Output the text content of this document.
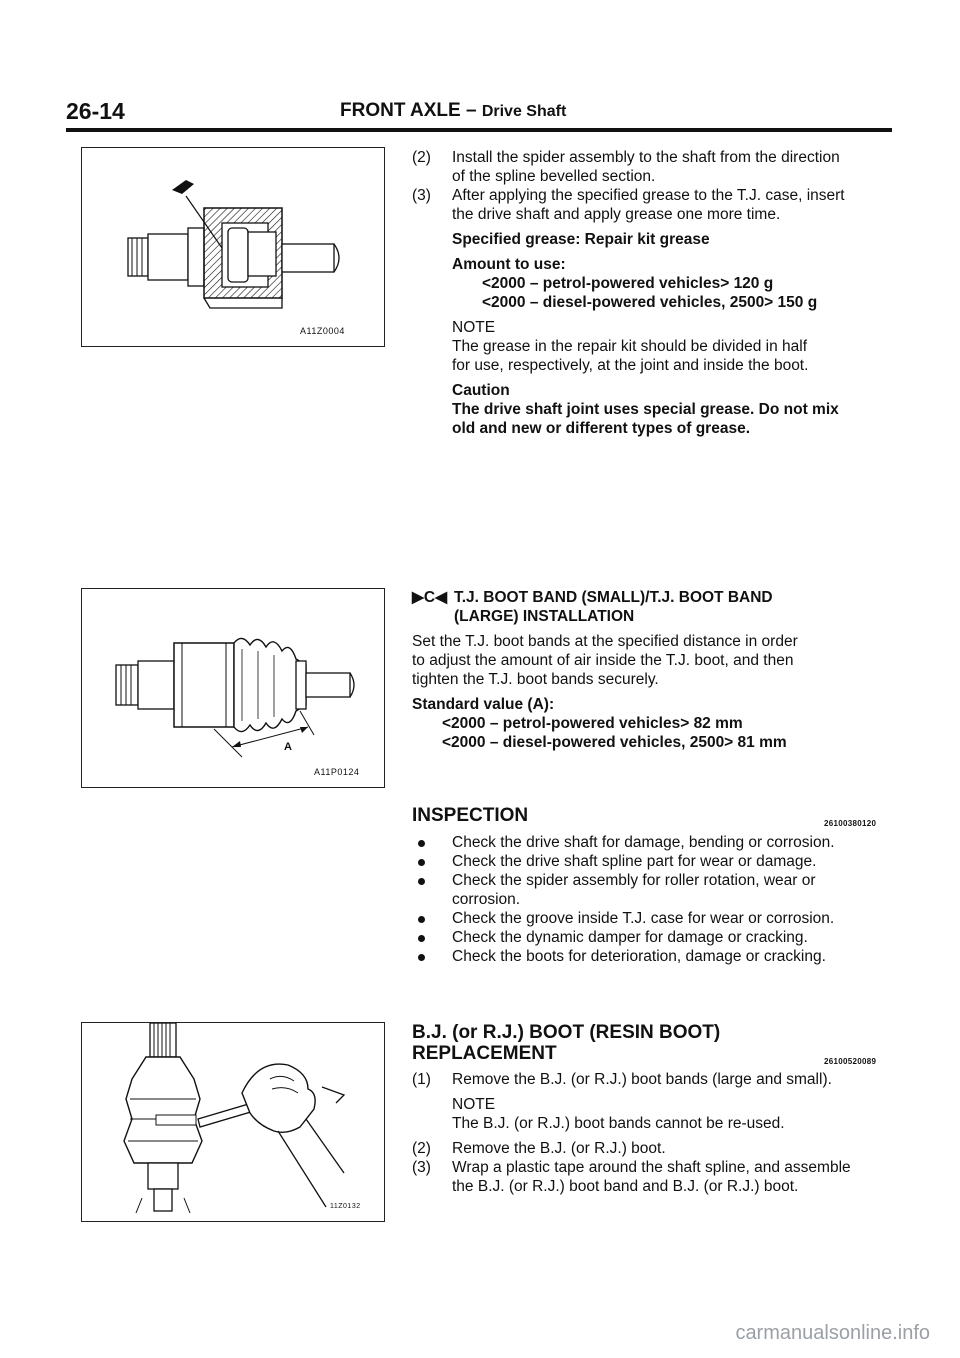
26-14	FRONT AXLE – Drive Shaft
A11Z0004
A
A11P0124
11Z0132
(2) Install the spider assembly to the shaft from the direction
of the spline bevelled section.
(3) After applying the specified grease to the T.J. case, insert
the drive shaft and apply grease one more time.
Specified grease: Repair kit grease
Amount to use:
<2000 – petrol-powered vehicles> 120 g
<2000 – diesel-powered vehicles, 2500> 150 g
NOTE
The grease in the repair kit should be divided in half
for use, respectively, at the joint and inside the boot.
Caution
The drive shaft joint uses special grease. Do not mix
old and new or different types of grease.
▶C◀ T.J. BOOT BAND (SMALL)/T.J. BOOT BAND
(LARGE) INSTALLATION
Set the T.J. boot bands at the specified distance in order
to adjust the amount of air inside the T.J. boot, and then
tighten the T.J. boot bands securely.
Standard value (A):
<2000 – petrol-powered vehicles> 82 mm
<2000 – diesel-powered vehicles, 2500> 81 mm
INSPECTION	26100380120
Check the drive shaft for damage, bending or corrosion.
Check the drive shaft spline part for wear or damage.
Check the spider assembly for roller rotation, wear or
corrosion.
Check the groove inside T.J. case for wear or corrosion.
Check the dynamic damper for damage or cracking.
Check the boots for deterioration, damage or cracking.
B.J. (or R.J.) BOOT (RESIN BOOT)
REPLACEMENT	26100520089
(1) Remove the B.J. (or R.J.) boot bands (large and small).
NOTE
The B.J. (or R.J.) boot bands cannot be re-used.
(2) Remove the B.J. (or R.J.) boot.
(3) Wrap a plastic tape around the shaft spline, and assemble
the B.J. (or R.J.) boot band and B.J. (or R.J.) boot.
carmanualsonline.info
